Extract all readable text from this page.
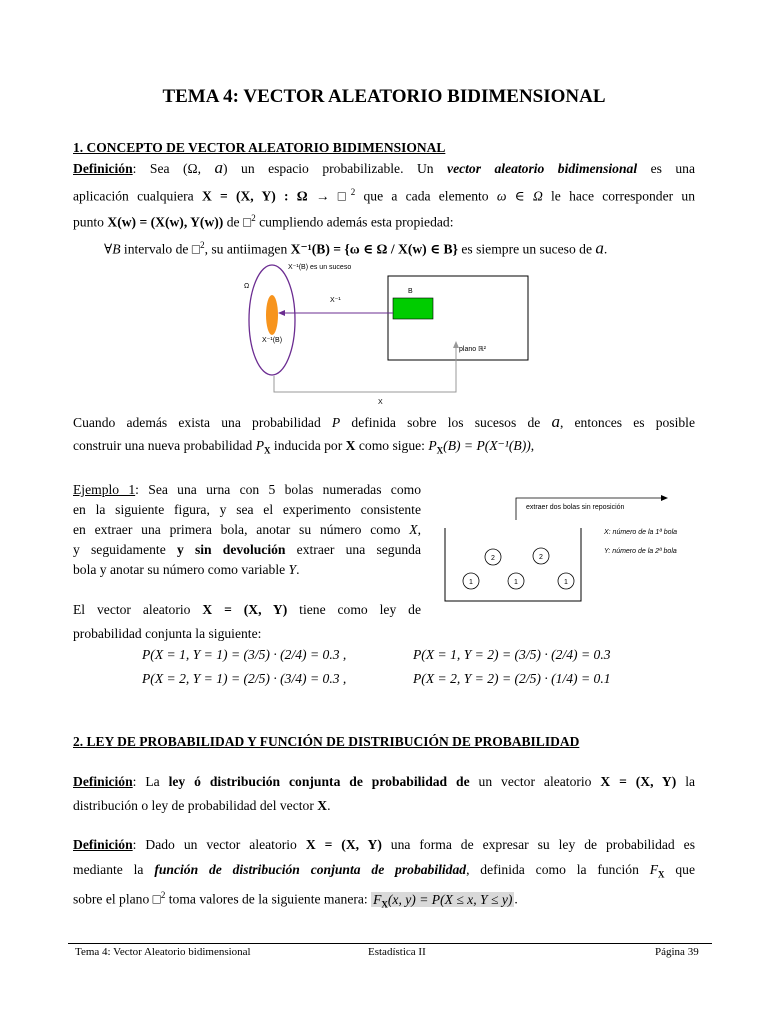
TEMA 4: VECTOR ALEATORIO BIDIMENSIONAL
1. CONCEPTO DE VECTOR ALEATORIO BIDIMENSIONAL
Definición: Sea (Ω, a) un espacio probabilizable. Un vector aleatorio bidimensional es una
aplicación cualquiera X = (X, Y) : Ω → □$^2$ que a cada elemento ω ∈ Ω le hace corresponder un
punto X(w) = (X(w), Y(w)) de □$^2$ cumpliendo además esta propiedad:
∀B intervalo de □$^2$, su antiimagen X⁻¹(B) = {ω ∈ Ω / X(w) ∈ B} es siempre un suceso de a.
X⁻¹(B) es un suceso
Ω
X⁻¹(B)
B
X⁻¹
plano ℝ²
X
Cuando además exista una probabilidad P definida sobre los sucesos de a, entonces es posible
construir una nueva probabilidad $P_X$ inducida por X como sigue: $P_X(B) = P(X^{-1}(B))$,
Ejemplo 1: Sea una urna con 5 bolas numeradas como
en la siguiente figura, y sea el experimento consistente
en extraer una primera bola, anotar su número como X,
y seguidamente y sin devolución extraer una segunda
bola y anotar su número como variable Y.
El vector aleatorio X = (X, Y) tiene como ley de
probabilidad conjunta la siguiente:
P(X = 1, Y = 1) = (3/5) · (2/4) = 0.3 ,	P(X = 1, Y = 2) = (3/5) · (2/4) = 0.3
P(X = 2, Y = 1) = (2/5) · (3/4) = 0.3 ,	P(X = 2, Y = 2) = (2/5) · (1/4) = 0.1
extraer dos bolas sin reposición
X: número de la 1ª bola
Y: número de la 2ª bola
2	2
1	1	1
2. LEY DE PROBABILIDAD Y FUNCIÓN DE DISTRIBUCIÓN DE PROBABILIDAD
Definición: La ley ó distribución conjunta de probabilidad de un vector aleatorio X = (X, Y) la
distribución o ley de probabilidad del vector X.
Definición: Dado un vector aleatorio X = (X, Y) una forma de expresar su ley de probabilidad es
mediante la función de distribución conjunta de probabilidad, definida como la función $F_X$ que
sobre el plano □$^2$ toma valores de la siguiente manera: $F_X(x$, y) = P(X ≤ x, Y ≤ y) .
Tema 4: Vector Aleatorio bidimensional	Estadística II	Página 39
